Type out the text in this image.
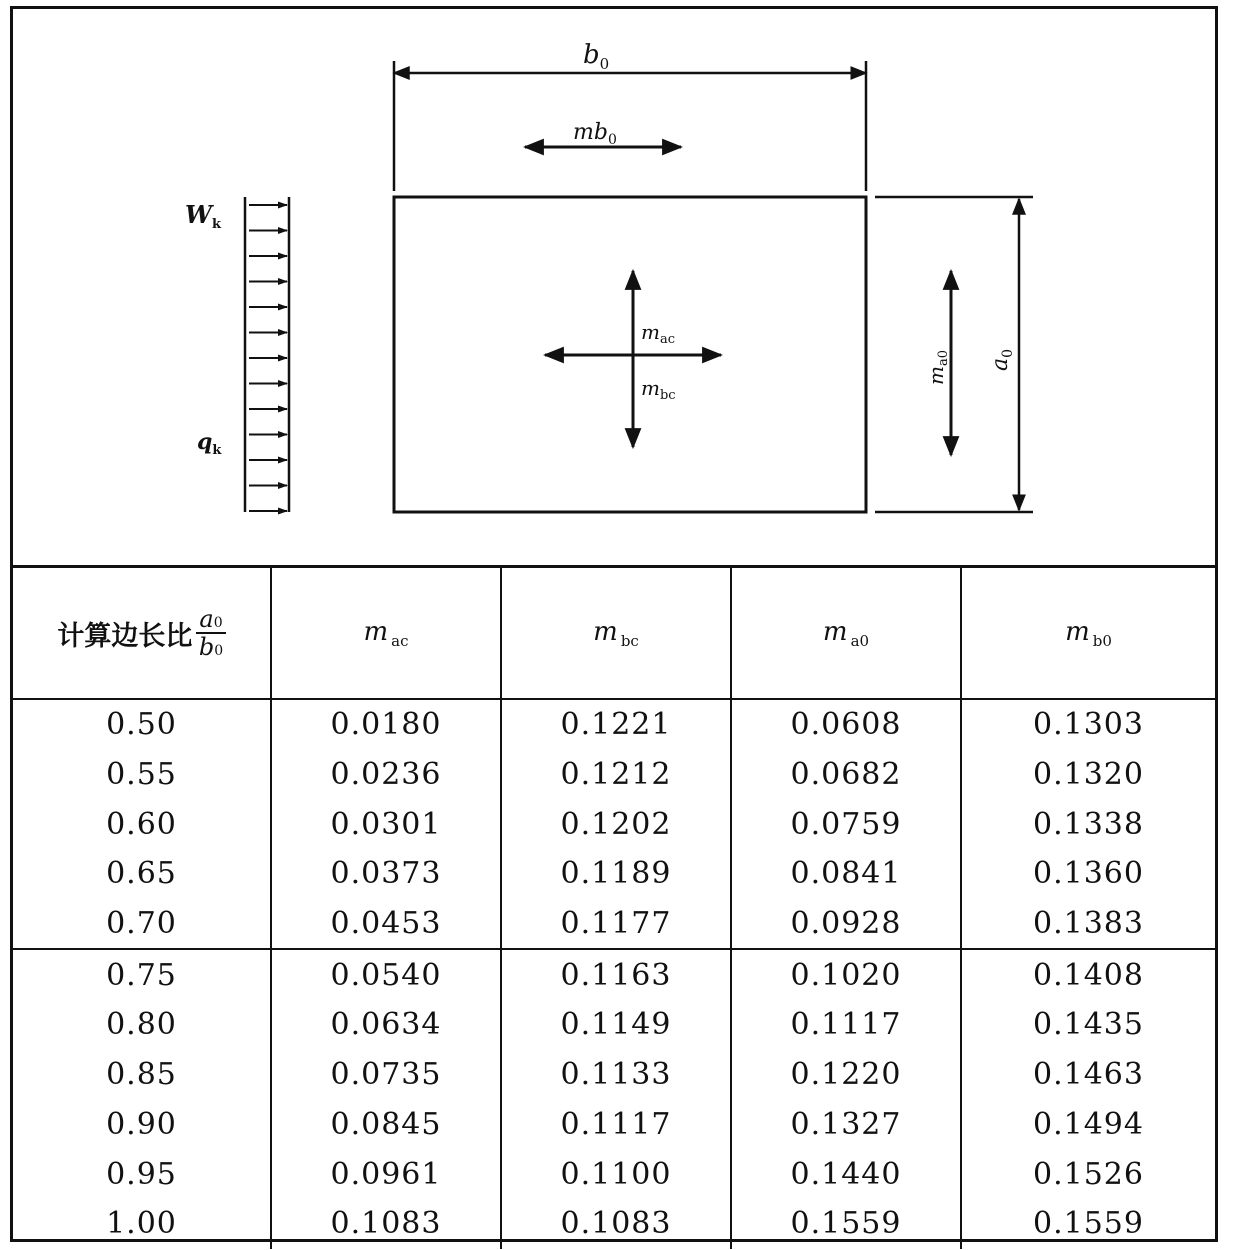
$b_0$
$mb_0$
$m_{ac}$
$m_{bc}$
$m_{a0}$ $a_0$
$W_k$
$q_k$
计算边长比 $\frac{a0}{b0}$	m $_{ac}$	m $_{bc}$	m $_{a0}$	m $_{b0}$
0.50	0.0180	0.1221	0.0608	0.1303
0.55	0.0236	0.1212	0.0682	0.1320
0.60	0.0301	0.1202	0.0759	0.1338
0.65	0.0373	0.1189	0.0841	0.1360
0.70	0.0453	0.1177	0.0928	0.1383
0.75	0.0540	0.1163	0.1020	0.1408
0.80	0.0634	0.1149	0.1117	0.1435
0.85	0.0735	0.1133	0.1220	0.1463
0.90	0.0845	0.1117	0.1327	0.1494
0.95	0.0961	0.1100	0.1440	0.1526
1.00	0.1083	0.1083	0.1559	0.1559
